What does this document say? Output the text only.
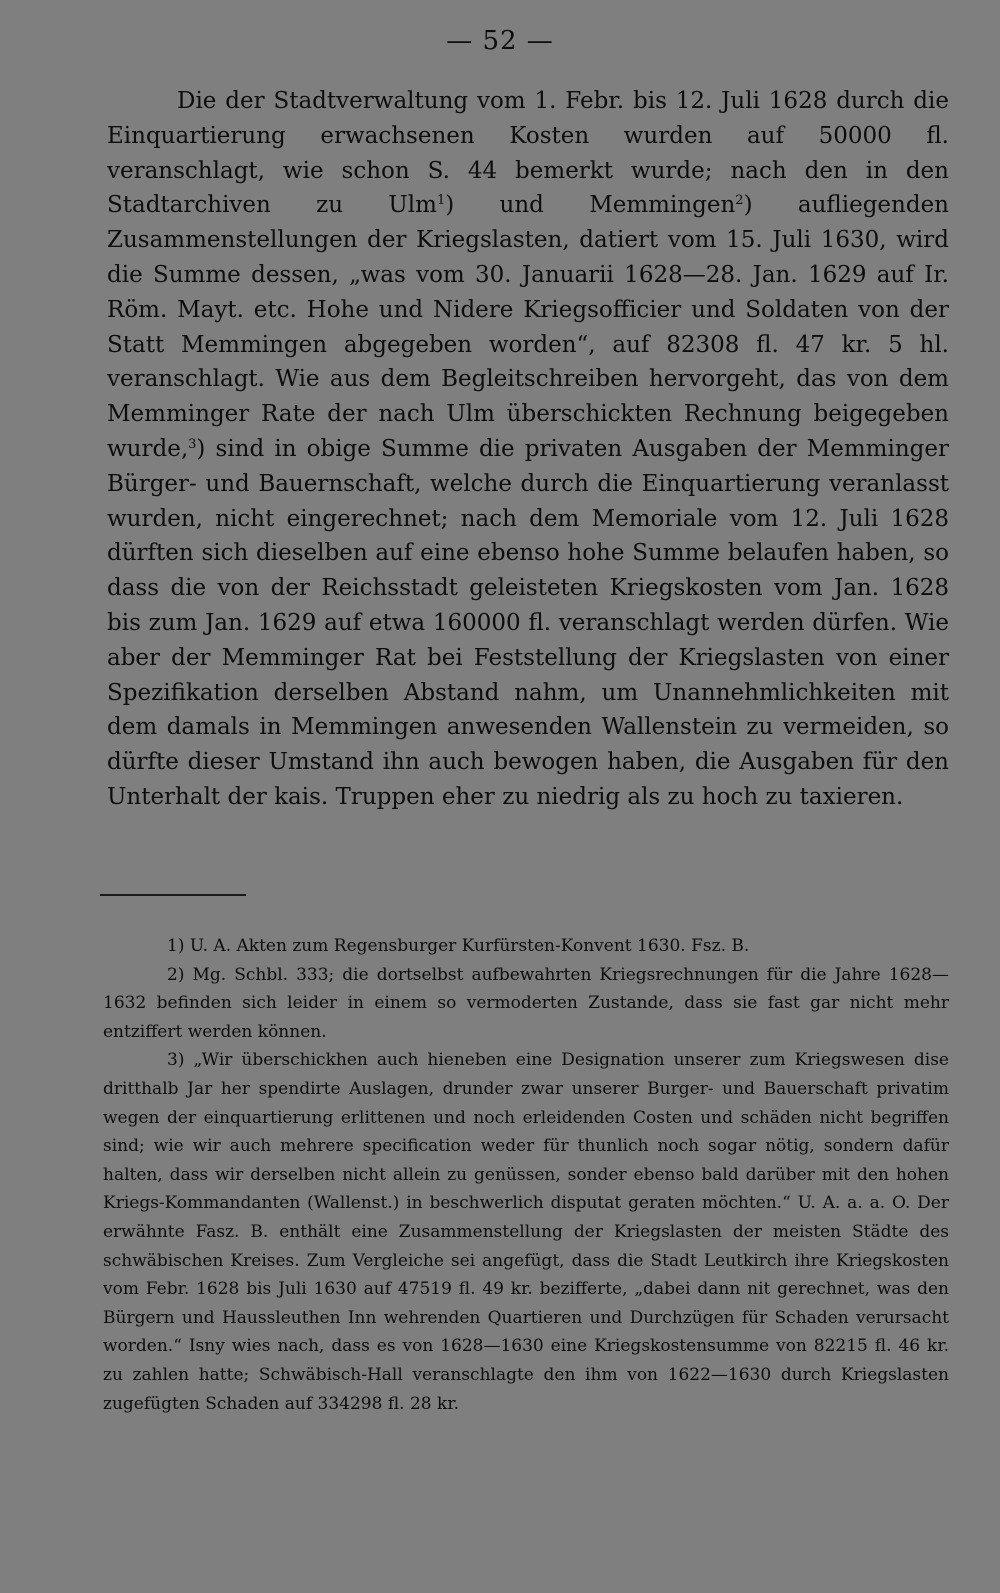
— 52 —

Die der Stadtverwaltung vom 1. Febr. bis 12. Juli 1628 durch die Einquartierung erwachsenen Kosten wurden auf 50000 fl. veranschlagt, wie schon S. 44 bemerkt wurde; nach den in den Stadtarchiven zu Ulm$^1$) und Memmingen$^2$) aufliegenden Zusammenstellungen der Kriegslasten, datiert vom 15. Juli 1630, wird die Summe dessen, „was vom 30. Januarii 1628—28. Jan. 1629 auf Ir. Röm. Mayt. etc. Hohe und Nidere Kriegsofficier und Soldaten von der Statt Memmingen abgegeben worden“, auf 82308 fl. 47 kr. 5 hl. veranschlagt. Wie aus dem Begleitschreiben hervorgeht, das von dem Memminger Rate der nach Ulm überschickten Rechnung beigegeben wurde,$^3$) sind in obige Summe die privaten Ausgaben der Memminger Bürger- und Bauernschaft, welche durch die Einquartierung veranlasst wurden, nicht eingerechnet; nach dem Memoriale vom 12. Juli 1628 dürften sich dieselben auf eine ebenso hohe Summe belaufen haben, so dass die von der Reichsstadt geleisteten Kriegskosten vom Jan. 1628 bis zum Jan. 1629 auf etwa 160000 fl. veranschlagt werden dürfen. Wie aber der Memminger Rat bei Feststellung der Kriegslasten von einer Spezifikation derselben Abstand nahm, um Unannehmlichkeiten mit dem damals in Memmingen anwesenden Wallenstein zu vermeiden, so dürfte dieser Umstand ihn auch bewogen haben, die Ausgaben für den Unterhalt der kais. Truppen eher zu niedrig als zu hoch zu taxieren.

1) U. A. Akten zum Regensburger Kurfürsten-Konvent 1630. Fsz. B.

2) Mg. Schbl. 333; die dortselbst aufbewahrten Kriegsrechnungen für die Jahre 1628—1632 befinden sich leider in einem so vermoderten Zustande, dass sie fast gar nicht mehr entziffert werden können.

3) „Wir überschickhen auch hieneben eine Designation unserer zum Kriegswesen dise dritthalb Jar her spendirte Auslagen, drunder zwar unserer Burger- und Bauerschaft privatim wegen der einquartierung erlittenen und noch erleidenden Costen und schäden nicht begriffen sind; wie wir auch mehrere specification weder für thunlich noch sogar nötig, sondern dafür halten, dass wir derselben nicht allein zu genüssen, sonder ebenso bald darüber mit den hohen Kriegs-Kommandanten (Wallenst.) in beschwerlich disputat geraten möchten.“ U. A. a. a. O. Der erwähnte Fasz. B. enthält eine Zusammenstellung der Kriegslasten der meisten Städte des schwäbischen Kreises. Zum Vergleiche sei angefügt, dass die Stadt Leutkirch ihre Kriegskosten vom Febr. 1628 bis Juli 1630 auf 47519 fl. 49 kr. bezifferte, „dabei dann nit gerechnet, was den Bürgern und Haussleuthen Inn wehrenden Quartieren und Durchzügen für Schaden verursacht worden.“ Isny wies nach, dass es von 1628—1630 eine Kriegskostensumme von 82215 fl. 46 kr. zu zahlen hatte; Schwäbisch-Hall veranschlagte den ihm von 1622—1630 durch Kriegslasten zugefügten Schaden auf 334298 fl. 28 kr.
